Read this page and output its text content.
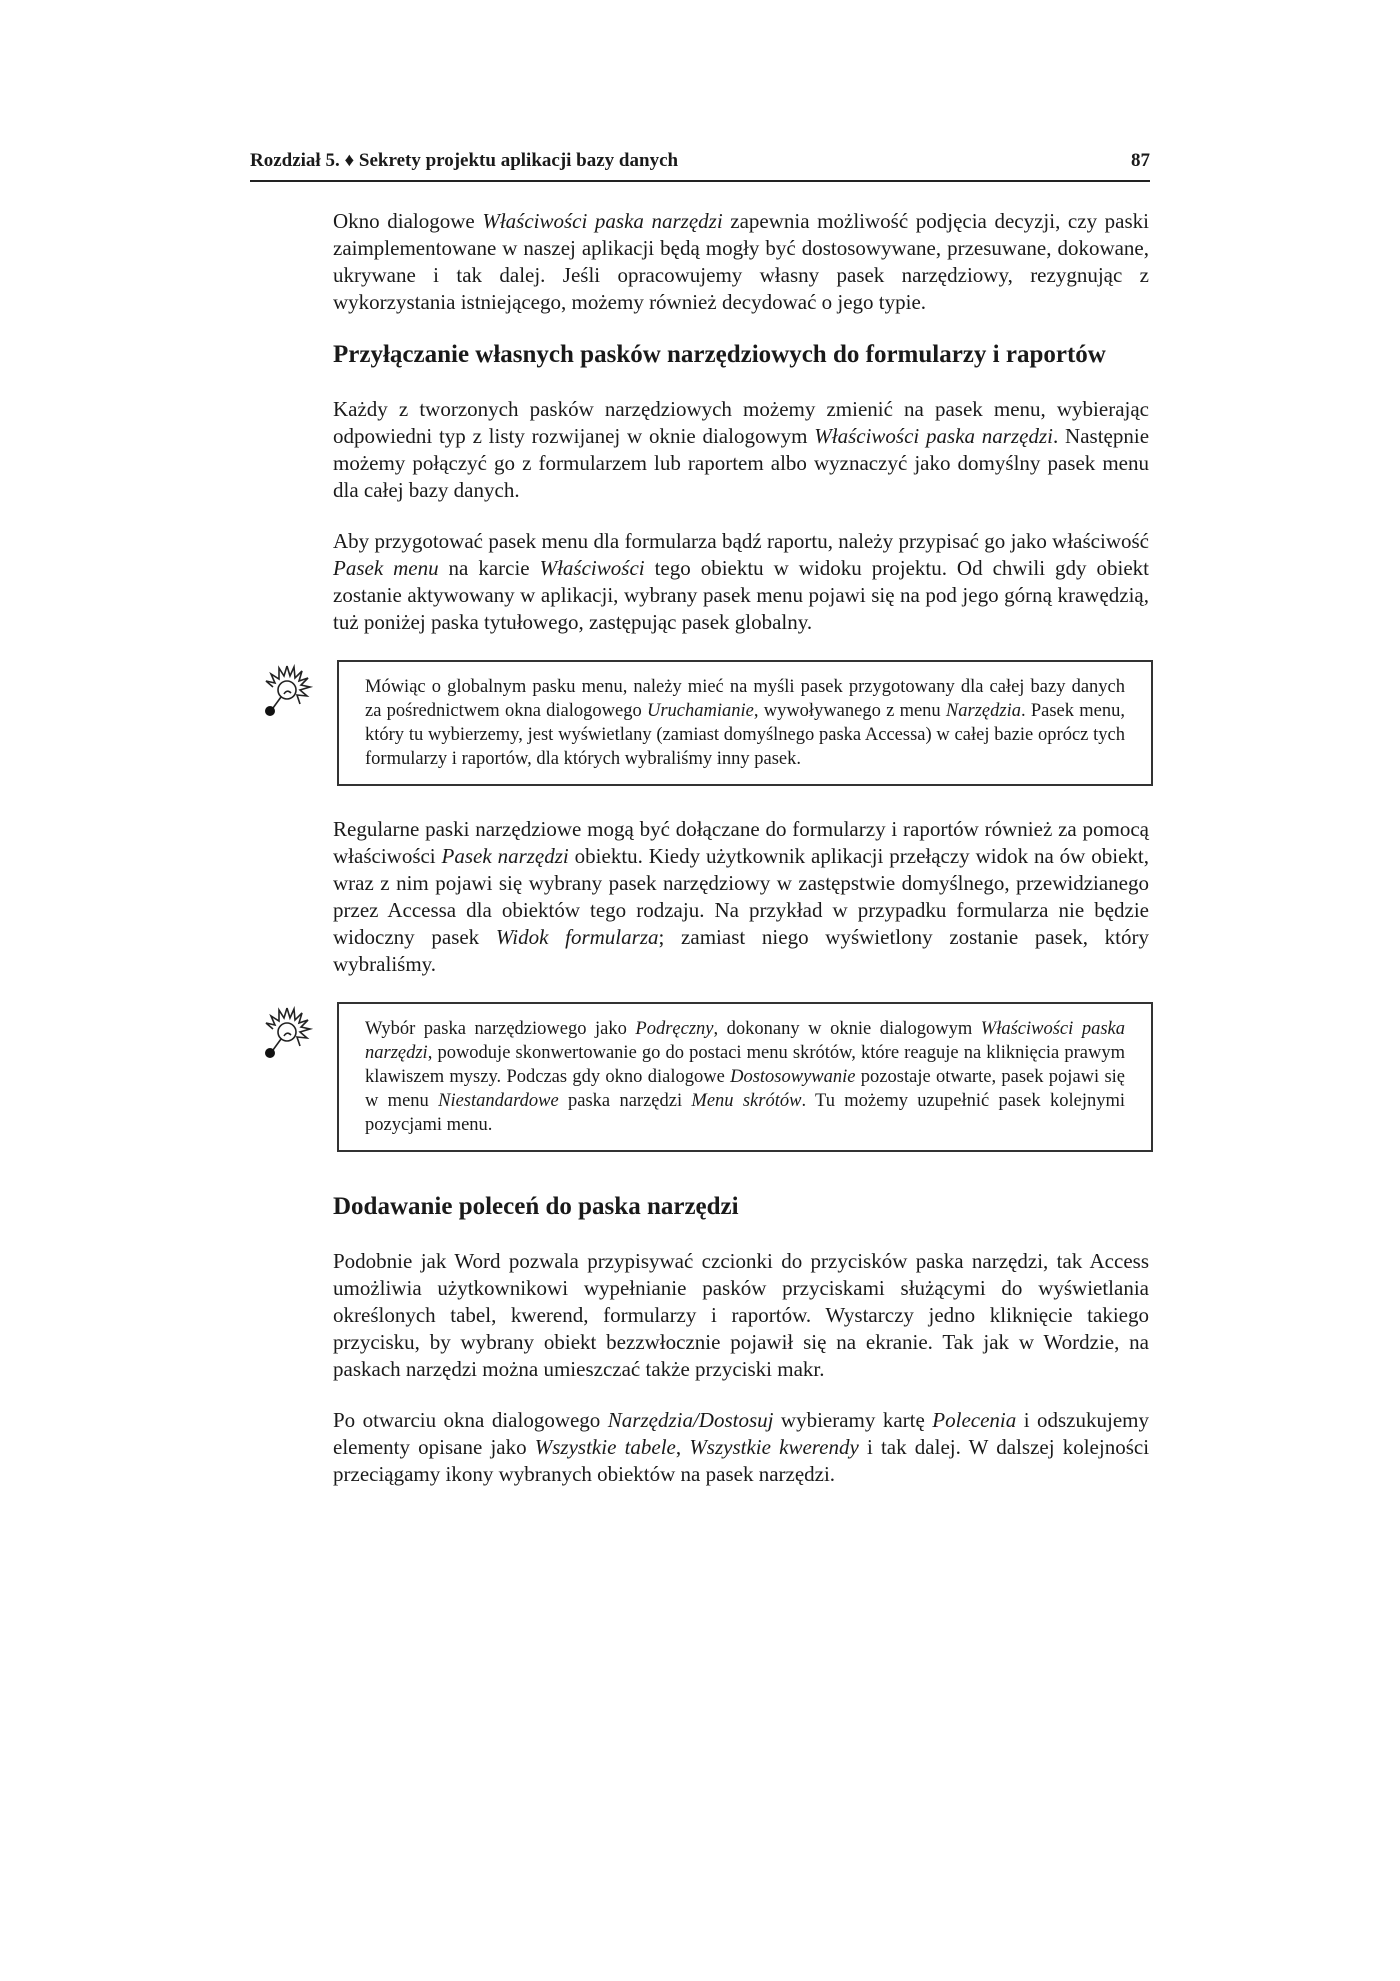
Rozdział 5. ♦ Sekrety projektu aplikacji bazy danych	87

Okno dialogowe Właściwości paska narzędzi zapewnia możliwość podjęcia decyzji, czy paski zaimplementowane w naszej aplikacji będą mogły być dostosowywane, przesuwane, dokowane, ukrywane i tak dalej. Jeśli opracowujemy własny pasek narzędziowy, rezygnując z wykorzystania istniejącego, możemy również decydować o jego typie.

Przyłączanie własnych pasków narzędziowych do formularzy i raportów

Każdy z tworzonych pasków narzędziowych możemy zmienić na pasek menu, wybierając odpowiedni typ z listy rozwijanej w oknie dialogowym Właściwości paska narzędzi. Następnie możemy połączyć go z formularzem lub raportem albo wyznaczyć jako domyślny pasek menu dla całej bazy danych.

Aby przygotować pasek menu dla formularza bądź raportu, należy przypisać go jako właściwość Pasek menu na karcie Właściwości tego obiektu w widoku projektu. Od chwili gdy obiekt zostanie aktywowany w aplikacji, wybrany pasek menu pojawi się na pod jego górną krawędzią, tuż poniżej paska tytułowego, zastępując pasek globalny.

Mówiąc o globalnym pasku menu, należy mieć na myśli pasek przygotowany dla całej bazy danych za pośrednictwem okna dialogowego Uruchamianie, wywoływanego z menu Narzędzia. Pasek menu, który tu wybierzemy, jest wyświetlany (zamiast domyślnego paska Accessa) w całej bazie oprócz tych formularzy i raportów, dla których wybraliśmy inny pasek.

Regularne paski narzędziowe mogą być dołączane do formularzy i raportów również za pomocą właściwości Pasek narzędzi obiektu. Kiedy użytkownik aplikacji przełączy widok na ów obiekt, wraz z nim pojawi się wybrany pasek narzędziowy w zastępstwie domyślnego, przewidzianego przez Accessa dla obiektów tego rodzaju. Na przykład w przypadku formularza nie będzie widoczny pasek Widok formularza; zamiast niego wyświetlony zostanie pasek, który wybraliśmy.

Wybór paska narzędziowego jako Podręczny, dokonany w oknie dialogowym Właściwości paska narzędzi, powoduje skonwertowanie go do postaci menu skrótów, które reaguje na kliknięcia prawym klawiszem myszy. Podczas gdy okno dialogowe Dostosowywanie pozostaje otwarte, pasek pojawi się w menu Niestandardowe paska narzędzi Menu skrótów. Tu możemy uzupełnić pasek kolejnymi pozycjami menu.

Dodawanie poleceń do paska narzędzi

Podobnie jak Word pozwala przypisywać czcionki do przycisków paska narzędzi, tak Access umożliwia użytkownikowi wypełnianie pasków przyciskami służącymi do wyświetlania określonych tabel, kwerend, formularzy i raportów. Wystarczy jedno kliknięcie takiego przycisku, by wybrany obiekt bezzwłocznie pojawił się na ekranie. Tak jak w Wordzie, na paskach narzędzi można umieszczać także przyciski makr.

Po otwarciu okna dialogowego Narzędzia/Dostosuj wybieramy kartę Polecenia i odszukujemy elementy opisane jako Wszystkie tabele, Wszystkie kwerendy i tak dalej. W dalszej kolejności przeciągamy ikony wybranych obiektów na pasek narzędzi.
